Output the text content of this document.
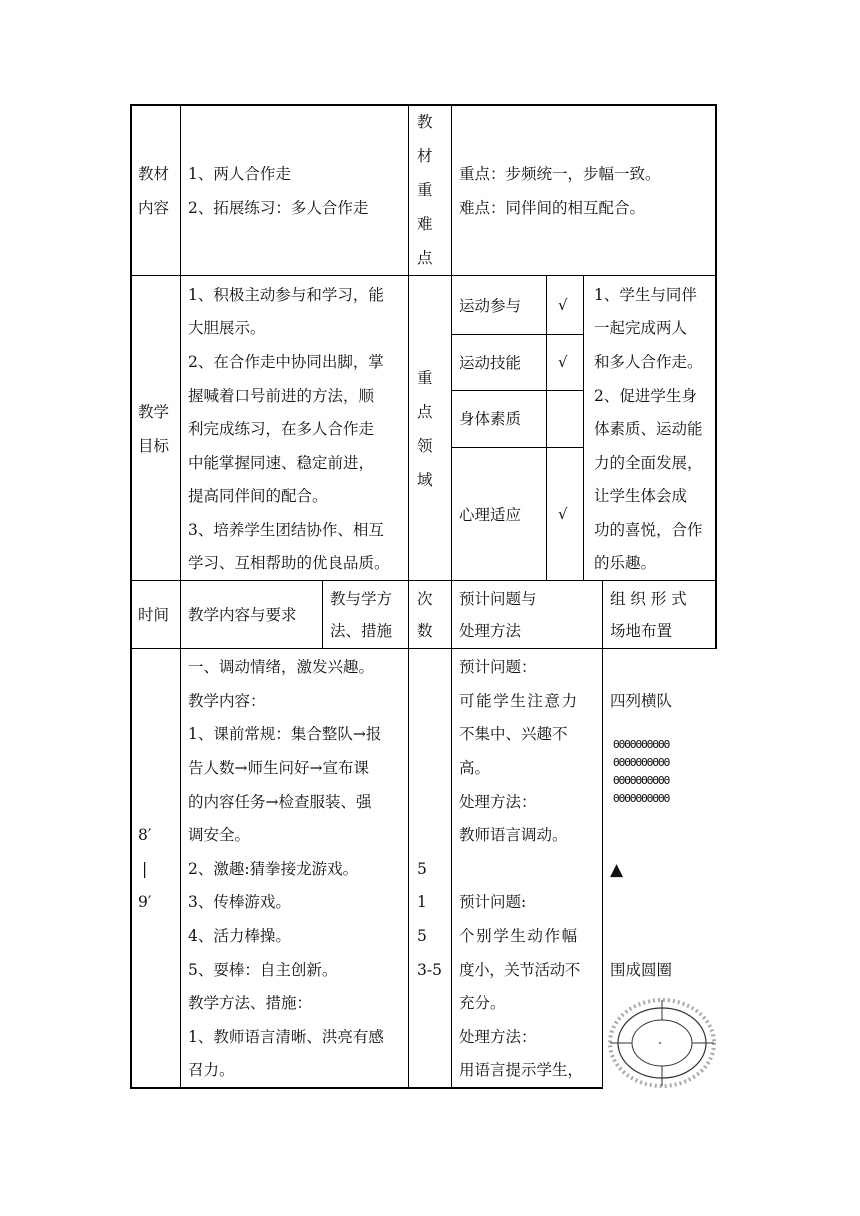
教材
内容
1、两人合作走
2、拓展练习：多人合作走
教
材
重
难
点
重点：步频统一，步幅一致。
难点：同伴间的相互配合。
教学
目标
1、积极主动参与和学习，能
大胆展示。
2、在合作走中协同出脚，掌
握喊着口号前进的方法，顺
利完成练习，在多人合作走
中能掌握同速、稳定前进，
提高同伴间的配合。
3、培养学生团结协作、相互
学习、互相帮助的优良品质。
重
点
领
域
运动参与 √
运动技能 √
身体素质
心理适应 √
1、学生与同伴
一起完成两人
和多人合作走。
2、促进学生身
体素质、运动能
力的全面发展，
让学生体会成
功的喜悦，合作
的乐趣。
时间 教学内容与要求
教与学方
法、措施
次
数
预计问题与
处理方法
组 织 形 式
场地布置
8′
|
9′
一、调动情绪，激发兴趣。
教学内容：
1、课前常规：集合整队→报
告人数→师生问好→宣布课
的内容任务→检查服装、强
调安全。
2、激趣:猜拳接龙游戏。
3、传棒游戏。
4、活力棒操。
5、耍棒：自主创新。
教学方法、措施：
1、教师语言清晰、洪亮有感
召力。
5
1
5
3-5
预计问题：
可能学生注意力
不集中、兴趣不
高。
处理方法：
教师语言调动。
预计问题:
个别学生动作幅
度小，关节活动不
充分。
处理方法：
用语言提示学生，
四列横队
ΘΘΘΘΘΘΘΘΘΘ
ΘΘΘΘΘΘΘΘΘΘ
ΘΘΘΘΘΘΘΘΘΘ
ΘΘΘΘΘΘΘΘΘΘ
▲
围成圆圈
